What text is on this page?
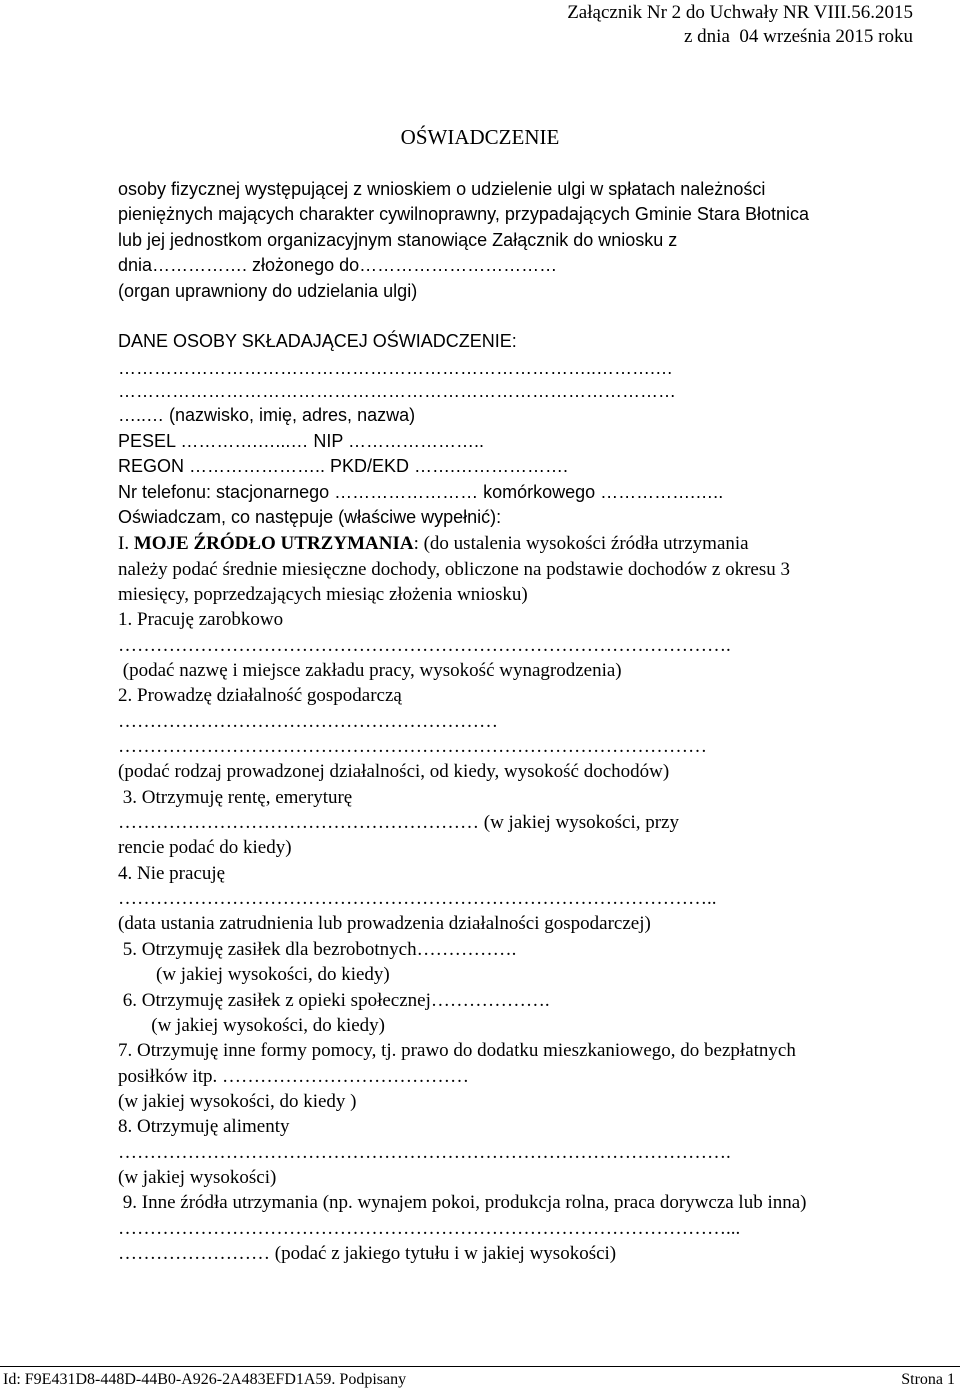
Załącznik Nr 2 do Uchwały NR VIII.56.2015
z dnia  04 września 2015 roku
OŚWIADCZENIE
osoby fizycznej występującej z wnioskiem o udzielenie ulgi w spłatach należności
pieniężnych mających charakter cywilnoprawny, przypadających Gminie Stara Błotnica
lub jej jednostkom organizacyjnym stanowiące Załącznik do wniosku z
dnia……………. złożonego do……………………………
(organ uprawniony do udzielania ulgi)
DANE OSOBY SKŁADAJĄCEJ OŚWIADCZENIE:
……………………………………………………………………..……….…
…………………………………………………………………………………
…..… (nazwisko, imię, adres, nazwa)
PESEL ………….…...… NIP …………………..
REGON ………………….. PKD/EKD …….……………….
Nr telefonu: stacjonarnego …………………… komórkowego …………….…..
Oświadczam, co następuje (właściwe wypełnić):
I. MOJE ŹRÓDŁO UTRZYMANIA: (do ustalenia wysokości źródła utrzymania
należy podać średnie miesięczne dochody, obliczone na podstawie dochodów z okresu 3
miesięcy, poprzedzających miesiąc złożenia wniosku)
1. Pracuję zarobkowo
…………………………………………………………………………………….
(podać nazwę i miejsce zakładu pracy, wysokość wynagrodzenia)
2. Prowadzę działalność gospodarczą
……………………………………………………
…………………………………………………………………………………
(podać rodzaj prowadzonej działalności, od kiedy, wysokość dochodów)
3. Otrzymuję rentę, emeryturę
………………………………………………… (w jakiej wysokości, przy
rencie podać do kiedy)
4. Nie pracuję
…………………………………………………………………………………..
(data ustania zatrudnienia lub prowadzenia działalności gospodarczej)
5. Otrzymuję zasiłek dla bezrobotnych…………….
(w jakiej wysokości, do kiedy)
6. Otrzymuję zasiłek z opieki społecznej……………….
(w jakiej wysokości, do kiedy)
7. Otrzymuję inne formy pomocy, tj. prawo do dodatku mieszkaniowego, do bezpłatnych
posiłków itp. …………………………………
(w jakiej wysokości, do kiedy )
8. Otrzymuję alimenty
…………………………………………………………………………………….
(w jakiej wysokości)
9. Inne źródła utrzymania (np. wynajem pokoi, produkcja rolna, praca dorywcza lub inna)
……………………………………………………………………………………...
…………………… (podać z jakiego tytułu i w jakiej wysokości)
Id: F9E431D8-448D-44B0-A926-2A483EFD1A59. Podpisany	Strona 1
